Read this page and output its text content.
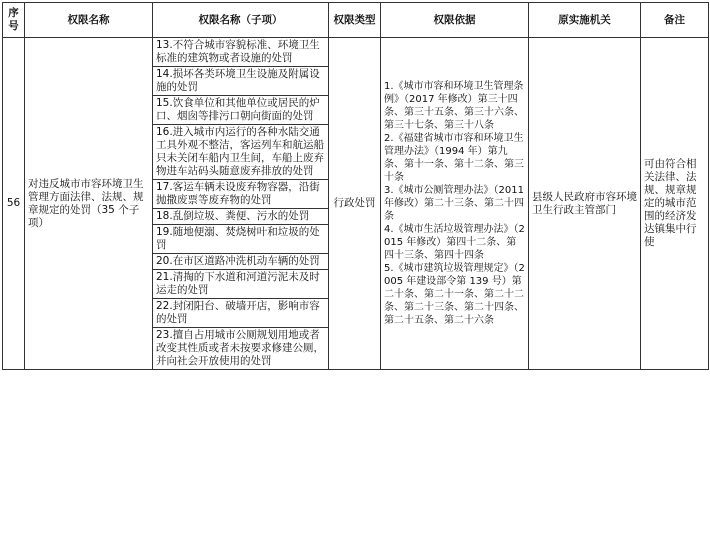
序号	权限名称	权限名称（子项）	权限类型	权限依据	原实施机关	备注
56	对违反城市市容环境卫生管理方面法律、法规、规章规定的处罚（35 个子项）	13.不符合城市容貌标准、环境卫生标准的建筑物或者设施的处罚	行政处罚	1.《城市市容和环境卫生管理条例》（2017 年修改）第三十四条、第三十五条、第三十六条、第三十七条、第三十八条
2.《福建省城市市容和环境卫生管理办法》（1994 年）第九条、第十一条、第十二条、第三十条
3.《城市公厕管理办法》（2011 年修改）第二十三条、第二十四条
4.《城市生活垃圾管理办法》（2015 年修改）第四十二条、第四十三条、第四十四条
5.《城市建筑垃圾管理规定》（2005 年建设部令第 139 号）第二十条、第二十一条、第二十二条、第二十三条、第二十四条、第二十五条、第二十六条	县级人民政府市容环境卫生行政主管部门	可由符合相关法律、法规、规章规定的城市范围的经济发达镇集中行使
		14.损坏各类环境卫生设施及附属设施的处罚				
		15.饮食单位和其他单位或居民的炉口、烟囱等排污口朝向街面的处罚				
		16.进入城市内运行的各种水陆交通工具外观不整洁，客运列车和航运船只未关闭车船内卫生间，车船上废弃物进车站码头随意废弃排放的处罚				
		17.客运车辆未设废弃物容器，沿街抛撒废票等废弃物的处罚				
		18.乱倒垃圾、粪便、污水的处罚				
		19.随地便溺、焚烧树叶和垃圾的处罚				
		20.在市区道路冲洗机动车辆的处罚				
		21.清掏的下水道和河道污泥未及时运走的处罚				
		22.封闭阳台、破墙开店，影响市容的处罚				
		23.擅自占用城市公厕规划用地或者改变其性质或者未按要求修建公厕，并向社会开放使用的处罚				
